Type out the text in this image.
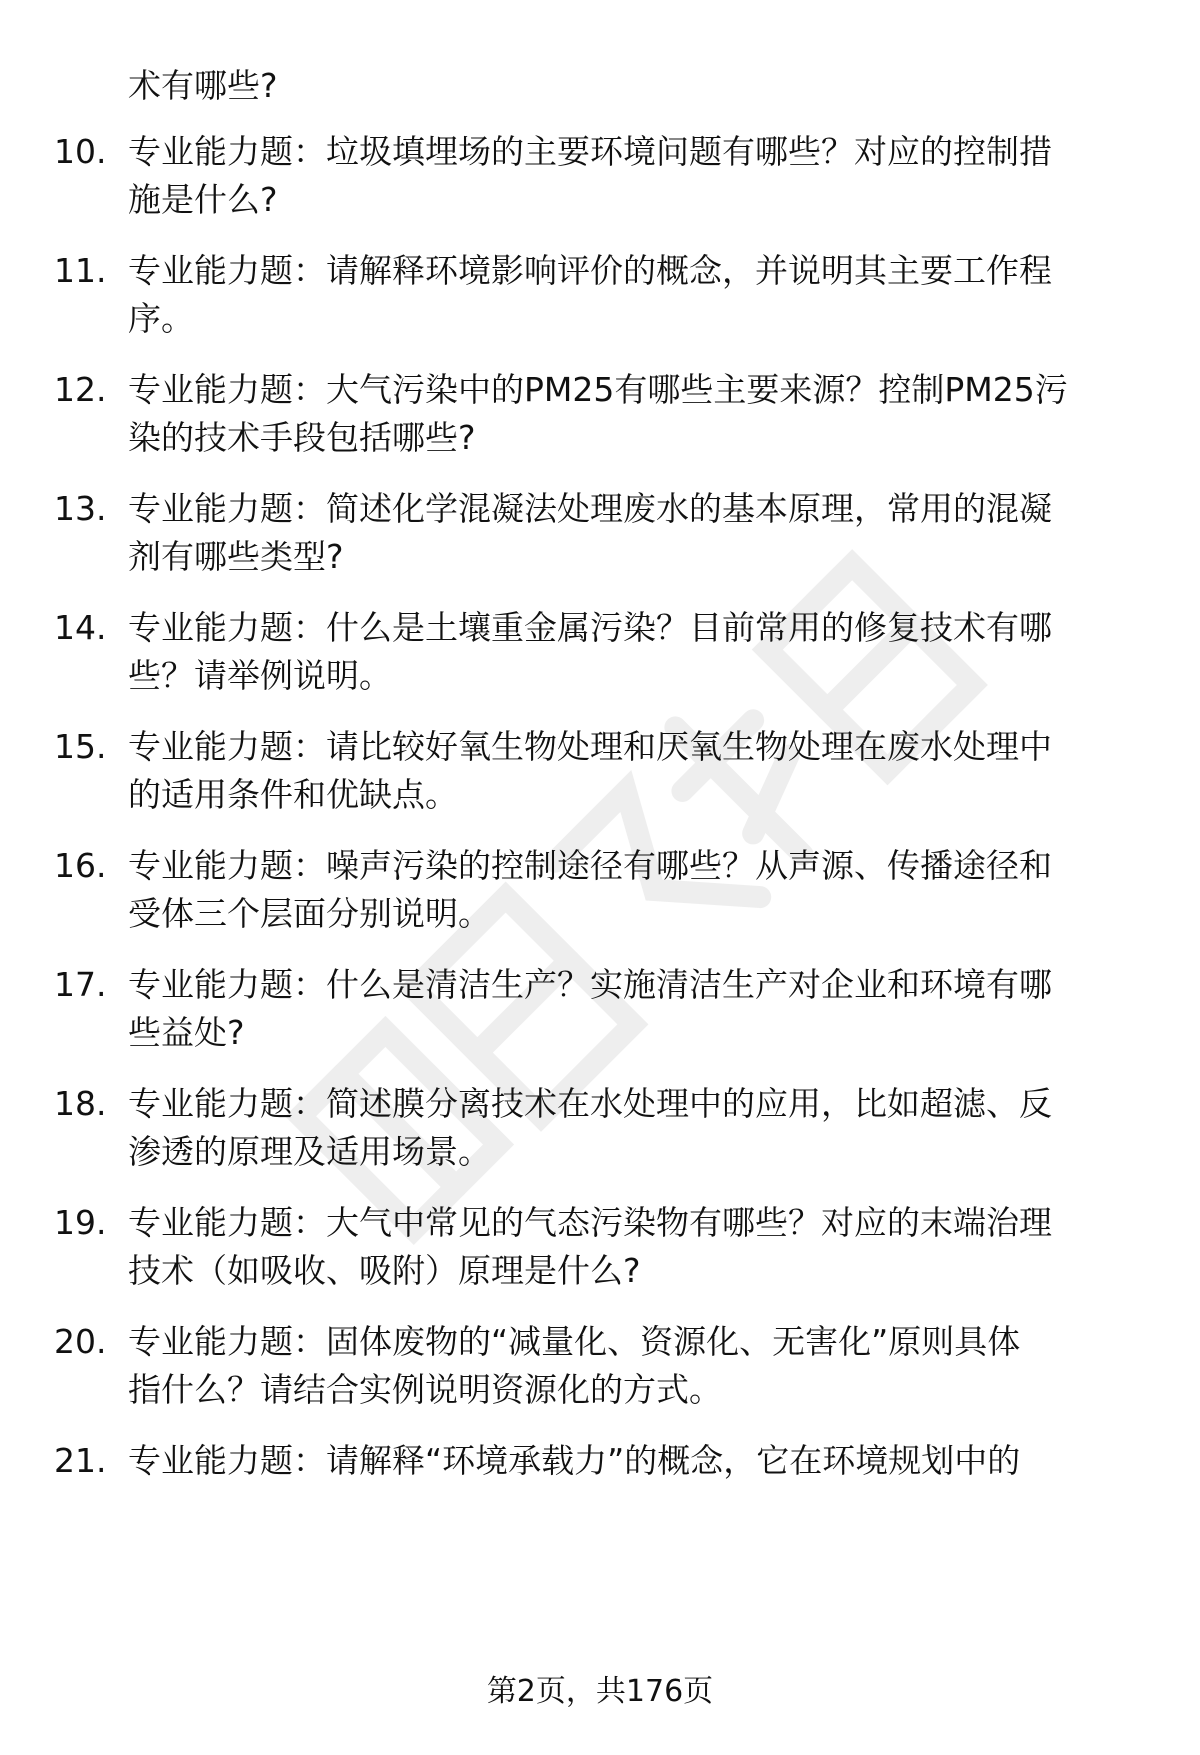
术有哪些?

10. 专业能力题：垃圾填埋场的主要环境问题有哪些？对应的控制措
施是什么?

11. 专业能力题：请解释环境影响评价的概念，并说明其主要工作程
序。

12. 专业能力题：大气污染中的PM25有哪些主要来源？控制PM25污
染的技术手段包括哪些?

13. 专业能力题：简述化学混凝法处理废水的基本原理，常用的混凝
剂有哪些类型?

14. 专业能力题：什么是土壤重金属污染？目前常用的修复技术有哪
些？请举例说明。

15. 专业能力题：请比较好氧生物处理和厌氧生物处理在废水处理中
的适用条件和优缺点。

16. 专业能力题：噪声污染的控制途径有哪些？从声源、传播途径和
受体三个层面分别说明。

17. 专业能力题：什么是清洁生产？实施清洁生产对企业和环境有哪
些益处?

18. 专业能力题：简述膜分离技术在水处理中的应用，比如超滤、反
渗透的原理及适用场景。

19. 专业能力题：大气中常见的气态污染物有哪些？对应的末端治理
技术（如吸收、吸附）原理是什么?

20. 专业能力题：固体废物的“减量化、资源化、无害化”原则具体
指什么？请结合实例说明资源化的方式。

21. 专业能力题：请解释“环境承载力”的概念，它在环境规划中的

第2页，共176页
